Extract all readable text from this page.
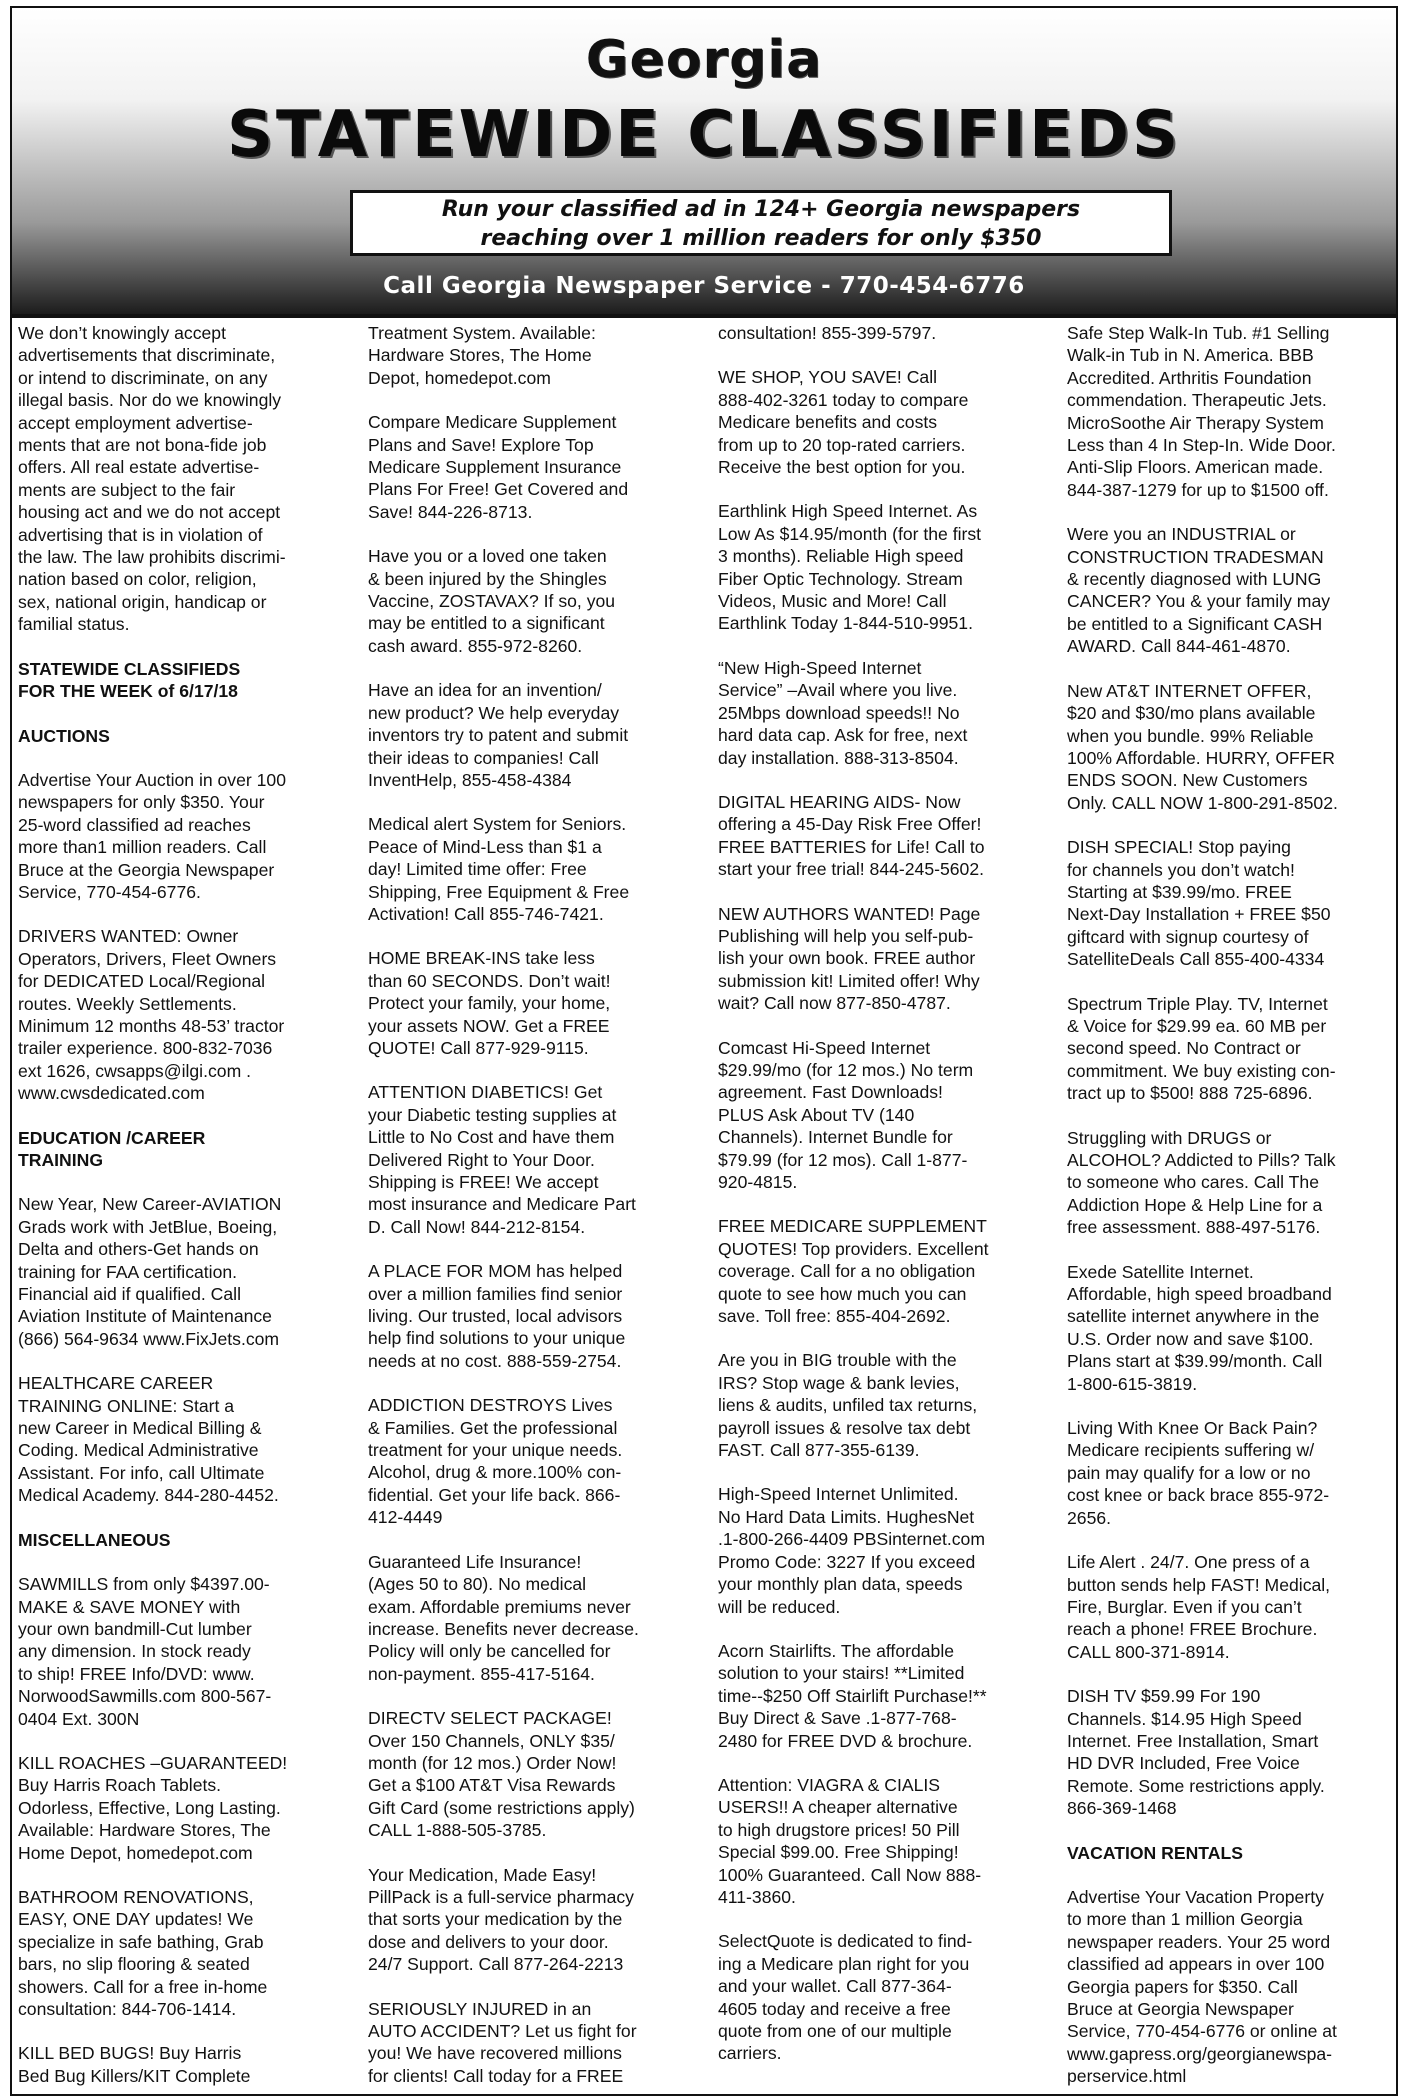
Georgia
STATEWIDE CLASSIFIEDS
Run your classified ad in 124+ Georgia newspapers
reaching over 1 million readers for only $350
Call Georgia Newspaper Service - 770-454-6776
We don’t knowingly accept
advertisements that discriminate,
or intend to discriminate, on any
illegal basis. Nor do we knowingly
accept employment advertise-
ments that are not bona-fide job
offers. All real estate advertise-
ments are subject to the fair
housing act and we do not accept
advertising that is in violation of
the law. The law prohibits discrimi-
nation based on color, religion,
sex, national origin, handicap or
familial status.
STATEWIDE CLASSIFIEDS
FOR THE WEEK of 6/17/18
AUCTIONS
Advertise Your Auction in over 100
newspapers for only $350. Your
25-word classified ad reaches
more than1 million readers. Call
Bruce at the Georgia Newspaper
Service, 770-454-6776.
DRIVERS WANTED: Owner
Operators, Drivers, Fleet Owners
for DEDICATED Local/Regional
routes. Weekly Settlements.
Minimum 12 months 48-53’ tractor
trailer experience. 800-832-7036
ext 1626, cwsapps@ilgi.com .
www.cwsdedicated.com
EDUCATION /CAREER
TRAINING
New Year, New Career-AVIATION
Grads work with JetBlue, Boeing,
Delta and others-Get hands on
training for FAA certification.
Financial aid if qualified. Call
Aviation Institute of Maintenance
(866) 564-9634 www.FixJets.com
HEALTHCARE CAREER
TRAINING ONLINE: Start a
new Career in Medical Billing &
Coding. Medical Administrative
Assistant. For info, call Ultimate
Medical Academy. 844-280-4452.
MISCELLANEOUS
SAWMILLS from only $4397.00-
MAKE & SAVE MONEY with
your own bandmill-Cut lumber
any dimension. In stock ready
to ship! FREE Info/DVD: www.
NorwoodSawmills.com 800-567-
0404 Ext. 300N
KILL ROACHES –GUARANTEED!
Buy Harris Roach Tablets.
Odorless, Effective, Long Lasting.
Available: Hardware Stores, The
Home Depot, homedepot.com
BATHROOM RENOVATIONS,
EASY, ONE DAY updates! We
specialize in safe bathing, Grab
bars, no slip flooring & seated
showers. Call for a free in-home
consultation: 844-706-1414.
KILL BED BUGS! Buy Harris
Bed Bug Killers/KIT Complete
Treatment System. Available:
Hardware Stores, The Home
Depot, homedepot.com
Compare Medicare Supplement
Plans and Save! Explore Top
Medicare Supplement Insurance
Plans For Free! Get Covered and
Save! 844-226-8713.
Have you or a loved one taken
& been injured by the Shingles
Vaccine, ZOSTAVAX? If so, you
may be entitled to a significant
cash award. 855-972-8260.
Have an idea for an invention/
new product? We help everyday
inventors try to patent and submit
their ideas to companies! Call
InventHelp, 855-458-4384
Medical alert System for Seniors.
Peace of Mind-Less than $1 a
day! Limited time offer: Free
Shipping, Free Equipment & Free
Activation! Call 855-746-7421.
HOME BREAK-INS take less
than 60 SECONDS. Don’t wait!
Protect your family, your home,
your assets NOW. Get a FREE
QUOTE! Call 877-929-9115.
ATTENTION DIABETICS! Get
your Diabetic testing supplies at
Little to No Cost and have them
Delivered Right to Your Door.
Shipping is FREE! We accept
most insurance and Medicare Part
D. Call Now! 844-212-8154.
A PLACE FOR MOM has helped
over a million families find senior
living. Our trusted, local advisors
help find solutions to your unique
needs at no cost. 888-559-2754.
ADDICTION DESTROYS Lives
& Families. Get the professional
treatment for your unique needs.
Alcohol, drug & more.100% con-
fidential. Get your life back. 866-
412-4449
Guaranteed Life Insurance!
(Ages 50 to 80). No medical
exam. Affordable premiums never
increase. Benefits never decrease.
Policy will only be cancelled for
non-payment. 855-417-5164.
DIRECTV SELECT PACKAGE!
Over 150 Channels, ONLY $35/
month (for 12 mos.) Order Now!
Get a $100 AT&T Visa Rewards
Gift Card (some restrictions apply)
CALL 1-888-505-3785.
Your Medication, Made Easy!
PillPack is a full-service pharmacy
that sorts your medication by the
dose and delivers to your door.
24/7 Support. Call 877-264-2213
SERIOUSLY INJURED in an
AUTO ACCIDENT? Let us fight for
you! We have recovered millions
for clients! Call today for a FREE
consultation! 855-399-5797.
WE SHOP, YOU SAVE! Call
888-402-3261 today to compare
Medicare benefits and costs
from up to 20 top-rated carriers.
Receive the best option for you.
Earthlink High Speed Internet. As
Low As $14.95/month (for the first
3 months). Reliable High speed
Fiber Optic Technology. Stream
Videos, Music and More! Call
Earthlink Today 1-844-510-9951.
“New High-Speed Internet
Service” –Avail where you live.
25Mbps download speeds!! No
hard data cap. Ask for free, next
day installation. 888-313-8504.
DIGITAL HEARING AIDS- Now
offering a 45-Day Risk Free Offer!
FREE BATTERIES for Life! Call to
start your free trial! 844-245-5602.
NEW AUTHORS WANTED! Page
Publishing will help you self-pub-
lish your own book. FREE author
submission kit! Limited offer! Why
wait? Call now 877-850-4787.
Comcast Hi-Speed Internet
$29.99/mo (for 12 mos.) No term
agreement. Fast Downloads!
PLUS Ask About TV (140
Channels). Internet Bundle for
$79.99 (for 12 mos). Call 1-877-
920-4815.
FREE MEDICARE SUPPLEMENT
QUOTES! Top providers. Excellent
coverage. Call for a no obligation
quote to see how much you can
save. Toll free: 855-404-2692.
Are you in BIG trouble with the
IRS? Stop wage & bank levies,
liens & audits, unfiled tax returns,
payroll issues & resolve tax debt
FAST. Call 877-355-6139.
High-Speed Internet Unlimited.
No Hard Data Limits. HughesNet
.1-800-266-4409 PBSinternet.com
Promo Code: 3227 If you exceed
your monthly plan data, speeds
will be reduced.
Acorn Stairlifts. The affordable
solution to your stairs! **Limited
time--$250 Off Stairlift Purchase!**
Buy Direct & Save .1-877-768-
2480 for FREE DVD & brochure.
Attention: VIAGRA & CIALIS
USERS!! A cheaper alternative
to high drugstore prices! 50 Pill
Special $99.00. Free Shipping!
100% Guaranteed. Call Now 888-
411-3860.
SelectQuote is dedicated to find-
ing a Medicare plan right for you
and your wallet. Call 877-364-
4605 today and receive a free
quote from one of our multiple
carriers.
Safe Step Walk-In Tub. #1 Selling
Walk-in Tub in N. America. BBB
Accredited. Arthritis Foundation
commendation. Therapeutic Jets.
MicroSoothe Air Therapy System
Less than 4 In Step-In. Wide Door.
Anti-Slip Floors. American made.
844-387-1279 for up to $1500 off.
Were you an INDUSTRIAL or
CONSTRUCTION TRADESMAN
& recently diagnosed with LUNG
CANCER? You & your family may
be entitled to a Significant CASH
AWARD. Call 844-461-4870.
New AT&T INTERNET OFFER,
$20 and $30/mo plans available
when you bundle. 99% Reliable
100% Affordable. HURRY, OFFER
ENDS SOON. New Customers
Only. CALL NOW 1-800-291-8502.
DISH SPECIAL! Stop paying
for channels you don’t watch!
Starting at $39.99/mo. FREE
Next-Day Installation + FREE $50
giftcard with signup courtesy of
SatelliteDeals Call 855-400-4334
Spectrum Triple Play. TV, Internet
& Voice for $29.99 ea. 60 MB per
second speed. No Contract or
commitment. We buy existing con-
tract up to $500! 888 725-6896.
Struggling with DRUGS or
ALCOHOL? Addicted to Pills? Talk
to someone who cares. Call The
Addiction Hope & Help Line for a
free assessment. 888-497-5176.
Exede Satellite Internet.
Affordable, high speed broadband
satellite internet anywhere in the
U.S. Order now and save $100.
Plans start at $39.99/month. Call
1-800-615-3819.
Living With Knee Or Back Pain?
Medicare recipients suffering w/
pain may qualify for a low or no
cost knee or back brace 855-972-
2656.
Life Alert . 24/7. One press of a
button sends help FAST! Medical,
Fire, Burglar. Even if you can’t
reach a phone! FREE Brochure.
CALL 800-371-8914.
DISH TV $59.99 For 190
Channels. $14.95 High Speed
Internet. Free Installation, Smart
HD DVR Included, Free Voice
Remote. Some restrictions apply.
866-369-1468
VACATION RENTALS
Advertise Your Vacation Property
to more than 1 million Georgia
newspaper readers. Your 25 word
classified ad appears in over 100
Georgia papers for $350. Call
Bruce at Georgia Newspaper
Service, 770-454-6776 or online at
www.gapress.org/georgianewspa-
perservice.html
